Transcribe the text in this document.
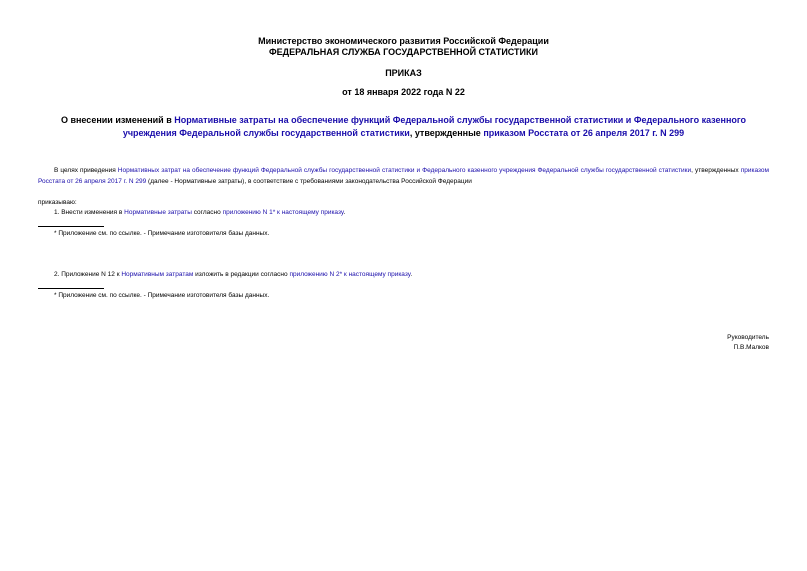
Министерство экономического развития Российской Федерации
ФЕДЕРАЛЬНАЯ СЛУЖБА ГОСУДАРСТВЕННОЙ СТАТИСТИКИ
ПРИКАЗ
от 18 января 2022 года N 22
О внесении изменений в Нормативные затраты на обеспечение функций Федеральной службы государственной статистики и Федерального казенного учреждения Федеральной службы государственной статистики, утвержденные приказом Росстата от 26 апреля 2017 г. N 299
В целях приведения Нормативных затрат на обеспечение функций Федеральной службы государственной статистики и Федерального казенного учреждения Федеральной службы государственной статистики, утвержденных приказом Росстата от 26 апреля 2017 г. N 299 (далее - Нормативные затраты), в соответствие с требованиями законодательства Российской Федерации
приказываю:
1. Внести изменения в Нормативные затраты согласно приложению N 1* к настоящему приказу.
* Приложение см. по ссылке. - Примечание изготовителя базы данных.
2. Приложение N 12 к Нормативным затратам изложить в редакции согласно приложению N 2* к настоящему приказу.
* Приложение см. по ссылке. - Примечание изготовителя базы данных.
Руководитель
П.В.Малков
